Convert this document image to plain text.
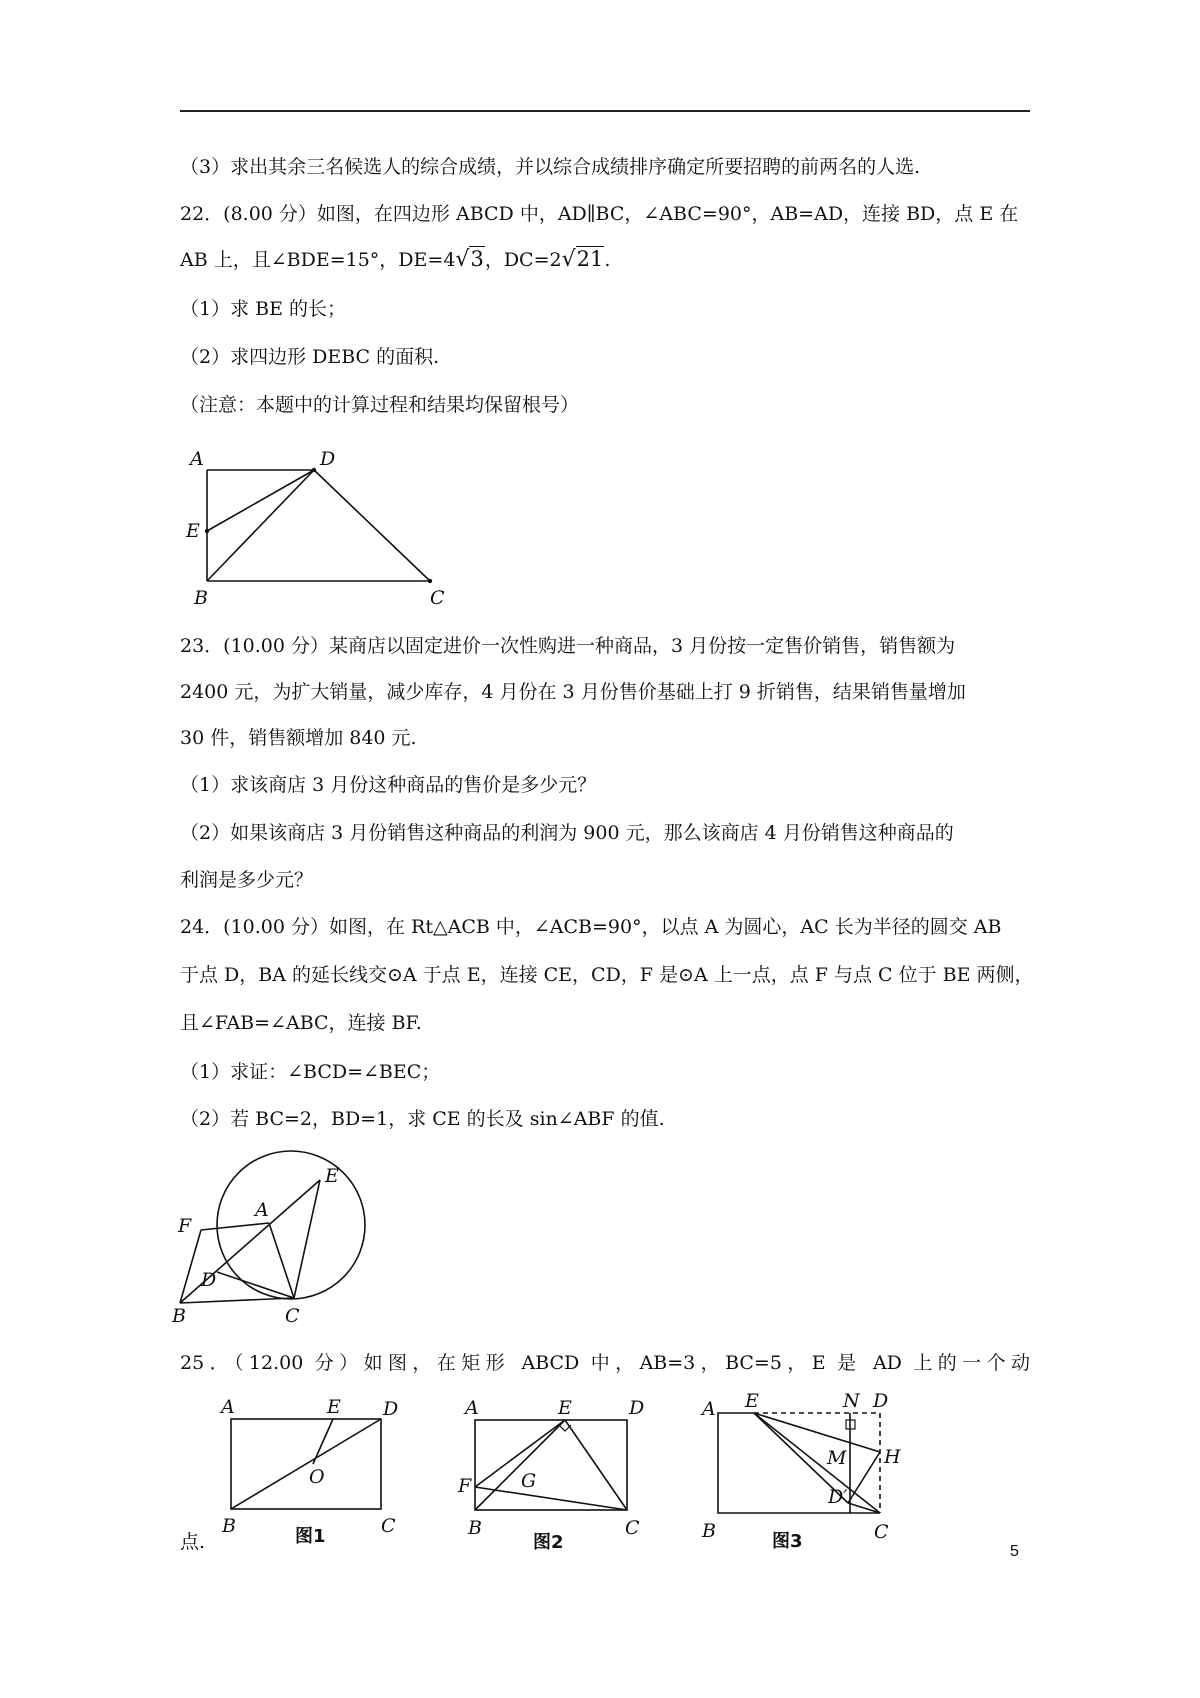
（3）求出其余三名候选人的综合成绩，并以综合成绩排序确定所要招聘的前两名的人选.
22．(8.00 分）如图，在四边形 ABCD 中，AD∥BC，∠ABC=90°，AB=AD，连接 BD，点 E 在
AB 上，且∠BDE=15°，DE=4√3，DC=2√21.
（1）求 BE 的长；
（2）求四边形 DEBC 的面积.
（注意：本题中的计算过程和结果均保留根号）
A	D
E
B	C
23．(10.00 分）某商店以固定进价一次性购进一种商品，3 月份按一定售价销售，销售额为
2400 元，为扩大销量，减少库存，4 月份在 3 月份售价基础上打 9 折销售，结果销售量增加
30 件，销售额增加 840 元.
（1）求该商店 3 月份这种商品的售价是多少元？
（2）如果该商店 3 月份销售这种商品的利润为 900 元，那么该商店 4 月份销售这种商品的
利润是多少元？
24．(10.00 分）如图，在 Rt△ACB 中，∠ACB=90°，以点 A 为圆心，AC 长为半径的圆交 AB
于点 D，BA 的延长线交⊙A 于点 E，连接 CE，CD，F 是⊙A 上一点，点 F 与点 C 位于 BE 两侧，
且∠FAB=∠ABC，连接 BF.
（1）求证：∠BCD=∠BEC；
（2）若 BC=2，BD=1，求 CE 的长及 sin∠ABF 的值.
E
A
F
D
B	C
25．（12.00 分）如图，在矩形 ABCD 中，AB=3，BC=5，E 是 AD 上的一个动
A	E D
O
B	C
图1
A	E	D
F	G
B	C
图2
A E	N D
M H
D′
B	C
图3
点.	5
